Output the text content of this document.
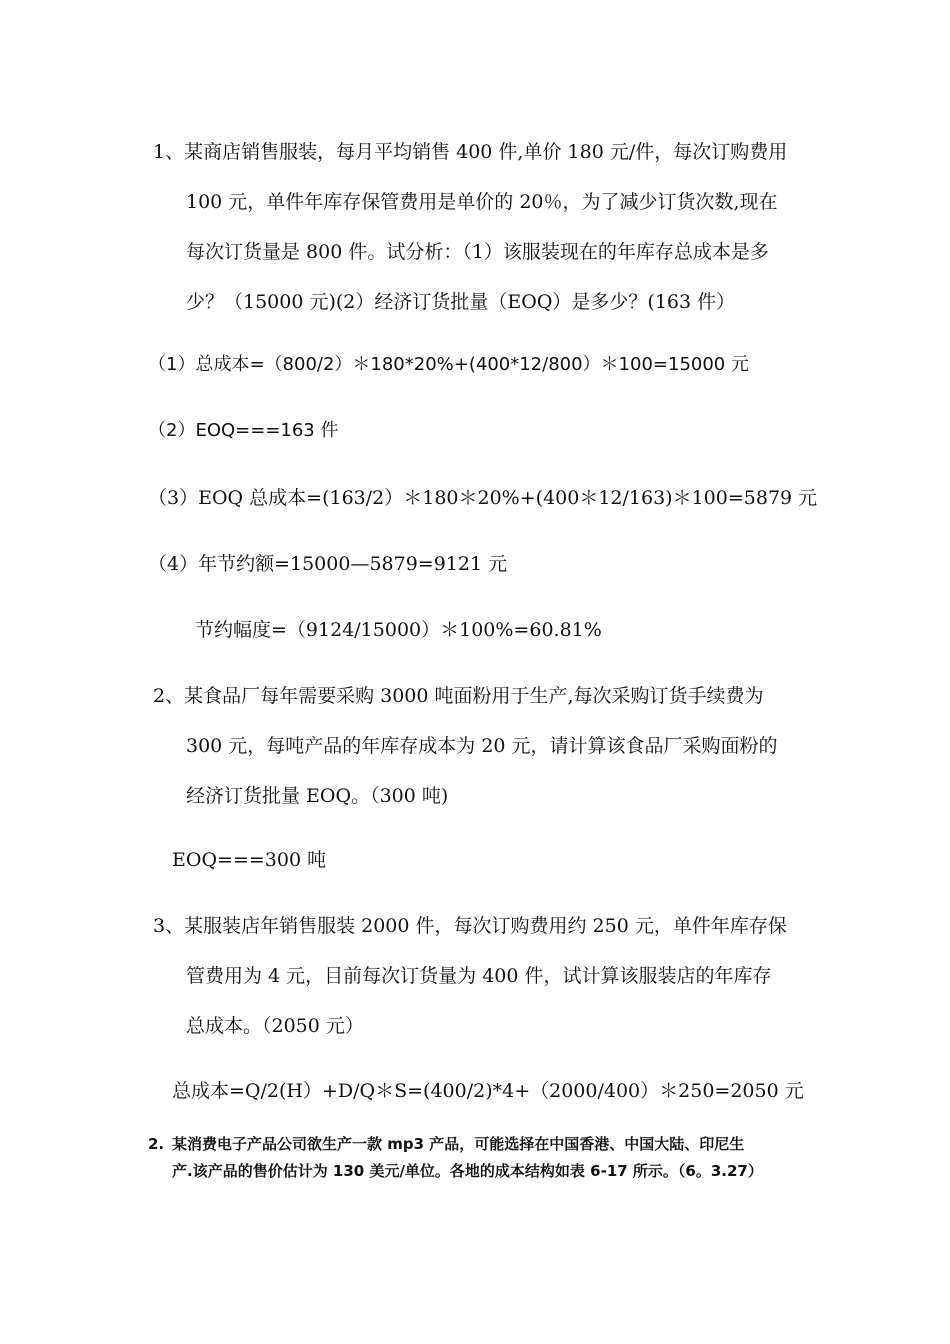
1、某商店销售服装，每月平均销售 400 件,单价 180 元/件，每次订购费用
100 元，单件年库存保管费用是单价的 20％，为了减少订货次数,现在
每次订货量是 800 件。试分析：（1）该服装现在的年库存总成本是多
少？（15000 元)(2）经济订货批量（EOQ）是多少？(163 件）
（1）总成本=（800/2）＊180*20%+(400*12/800）＊100=15000 元
（2）EOQ===163 件
（3）EOQ 总成本=(163/2）＊180＊20%+(400＊12/163)＊100=5879 元
（4）年节约额=15000—5879=9121 元
节约幅度=（9124/15000）＊100%=60.81%
2、某食品厂每年需要采购 3000 吨面粉用于生产,每次采购订货手续费为
300 元，每吨产品的年库存成本为 20 元，请计算该食品厂采购面粉的
经济订货批量 EOQ。（300 吨)
EOQ===300 吨
3、某服装店年销售服装 2000 件，每次订购费用约 250 元，单件年库存保
管费用为 4 元，目前每次订货量为 400 件，试计算该服装店的年库存
总成本。（2050 元）
总成本=Q/2(H）+D/Q＊S=(400/2)*4+（2000/400）＊250=2050 元
2. 某消费电子产品公司欲生产一款 mp3 产品，可能选择在中国香港、中国大陆、印尼生
产.该产品的售价估计为 130 美元/单位。各地的成本结构如表 6-17 所示。（6。3.27）
